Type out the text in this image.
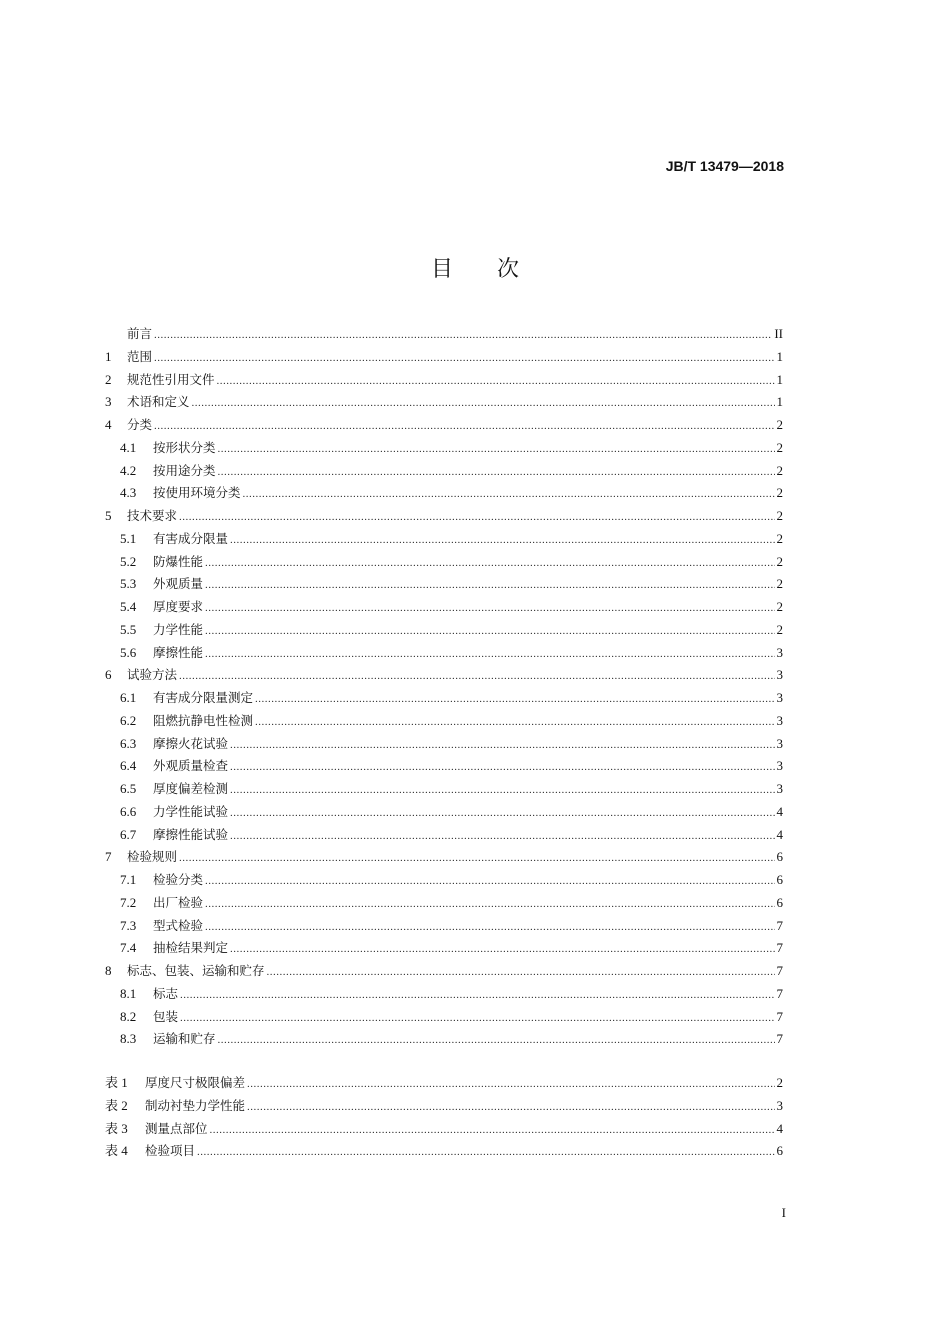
JB/T 13479—2018
目 次
前言 .....	II
1	范围 .....	1
2	规范性引用文件 .....	1
3	术语和定义 .....	1
4	分类 .....	2
4.1	按形状分类 .....	2
4.2	按用途分类 .....	2
4.3	按使用环境分类 .....	2
5	技术要求 .....	2
5.1	有害成分限量 .....	2
5.2	防爆性能 .....	2
5.3	外观质量 .....	2
5.4	厚度要求 .....	2
5.5	力学性能 .....	2
5.6	摩擦性能 .....	3
6	试验方法 .....	3
6.1	有害成分限量测定 .....	3
6.2	阻燃抗静电性检测 .....	3
6.3	摩擦火花试验 .....	3
6.4	外观质量检查 .....	3
6.5	厚度偏差检测 .....	3
6.6	力学性能试验 .....	4
6.7	摩擦性能试验 .....	4
7	检验规则 .....	6
7.1	检验分类 .....	6
7.2	出厂检验 .....	6
7.3	型式检验 .....	7
7.4	抽检结果判定 .....	7
8	标志、包装、运输和贮存 .....	7
8.1	标志 .....	7
8.2	包装 .....	7
8.3	运输和贮存 .....	7
表 1	厚度尺寸极限偏差 .....	2
表 2	制动衬垫力学性能 .....	3
表 3	测量点部位 .....	4
表 4	检验项目 .....	6
I
